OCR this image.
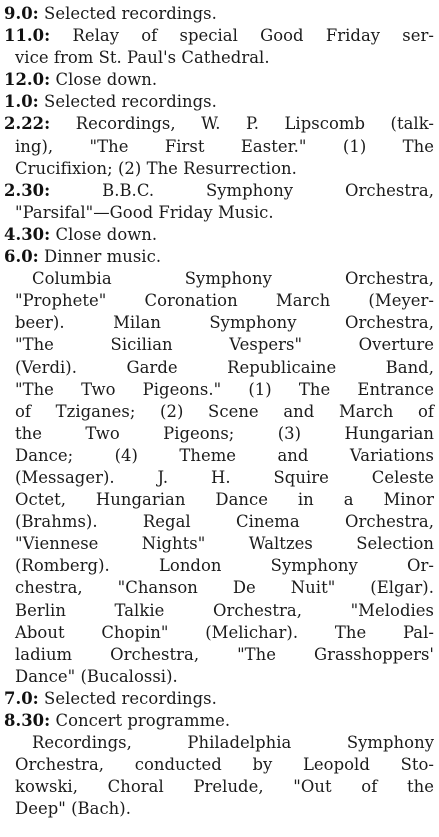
9.0: Selected recordings.
11.0: Relay of special Good Friday ser-
vice from St. Paul's Cathedral.
12.0: Close down.
1.0: Selected recordings.
2.22: Recordings, W. P. Lipscomb (talk-
ing), "The First Easter." (1) The
Crucifixion; (2) The Resurrection.
2.30:	B.B.C. Symphony Orchestra,
"Parsifal"—Good Friday Music.
4.30: Close down.
6.0: Dinner music.
Columbia Symphony Orchestra,
"Prophete" Coronation March (Meyer-
beer). Milan Symphony Orchestra,
"The Sicilian Vespers" Overture
(Verdi). Garde Republicaine Band,
"The Two Pigeons." (1) The Entrance
of Tziganes; (2) Scene and March of
the Two Pigeons; (3) Hungarian
Dance; (4) Theme and Variations
(Messager). J. H. Squire Celeste
Octet, Hungarian Dance in a Minor
(Brahms). Regal Cinema Orchestra,
"Viennese Nights" Waltzes Selection
(Romberg). London Symphony Or-
chestra, "Chanson De Nuit" (Elgar).
Berlin Talkie Orchestra, "Melodies
About Chopin" (Melichar). The Pal-
ladium Orchestra, "The Grasshoppers'
Dance" (Bucalossi).
7.0: Selected recordings.
8.30: Concert programme.
Recordings, Philadelphia Symphony
Orchestra, conducted by Leopold Sto-
kowski, Choral Prelude, "Out of the
Deep" (Bach).
